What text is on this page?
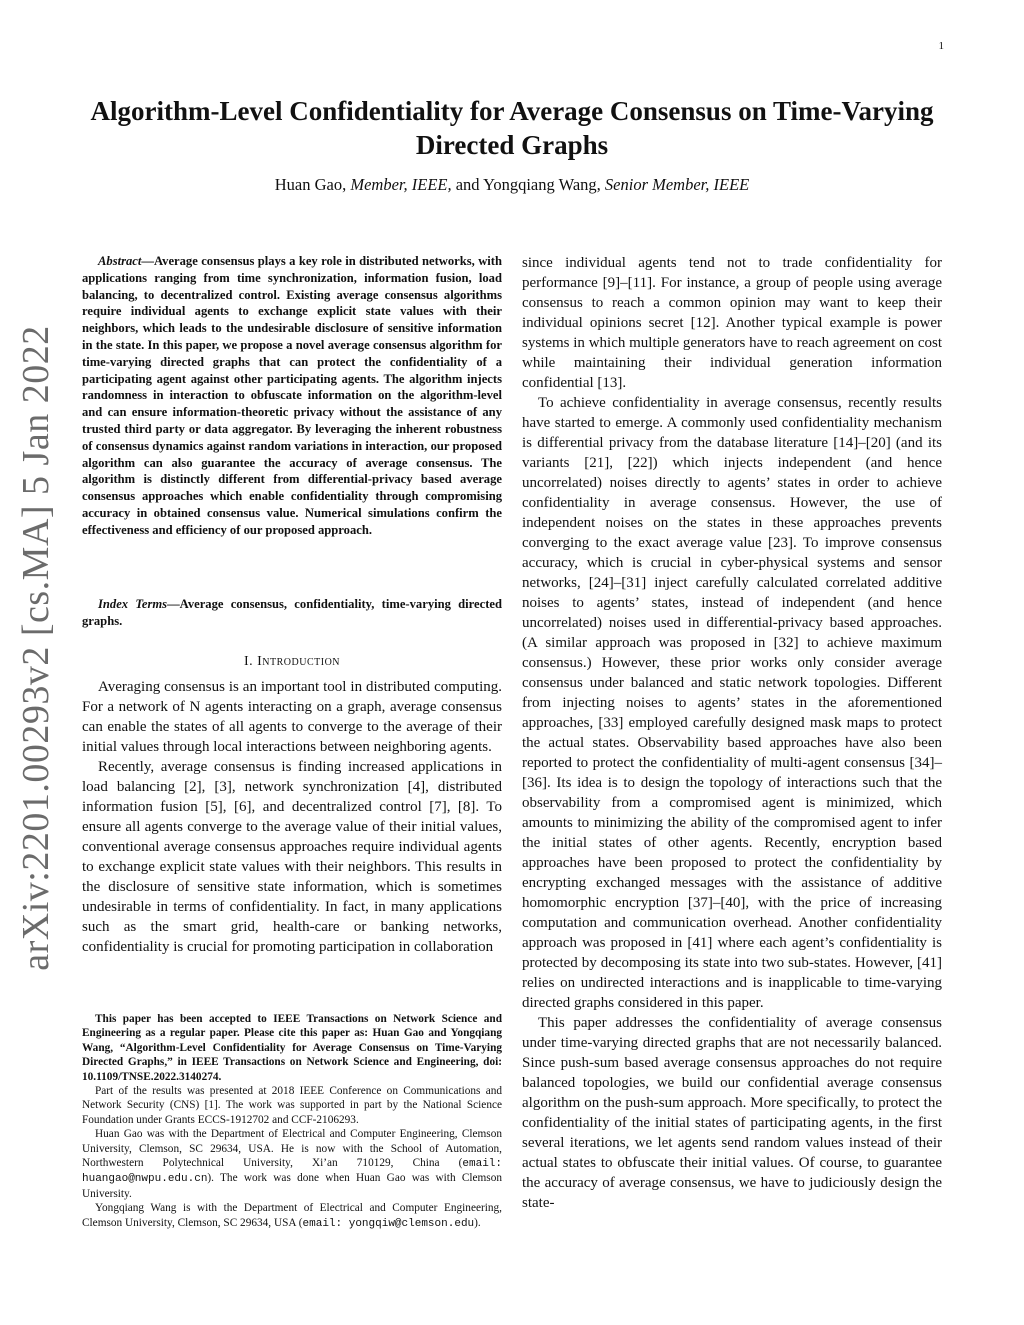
1
arXiv:2201.00293v2 [cs.MA] 5 Jan 2022
Algorithm-Level Confidentiality for Average Consensus on Time-Varying Directed Graphs
Huan Gao, Member, IEEE, and Yongqiang Wang, Senior Member, IEEE

Abstract—Average consensus plays a key role in distributed networks, with applications ranging from time synchronization, information fusion, load balancing, to decentralized control. Existing average consensus algorithms require individual agents to exchange explicit state values with their neighbors, which leads to the undesirable disclosure of sensitive information in the state. In this paper, we propose a novel average consensus algorithm for time-varying directed graphs that can protect the confidentiality of a participating agent against other participating agents. The algorithm injects randomness in interaction to obfuscate information on the algorithm-level and can ensure information-theoretic privacy without the assistance of any trusted third party or data aggregator. By leveraging the inherent robustness of consensus dynamics against random variations in interaction, our proposed algorithm can also guarantee the accuracy of average consensus. The algorithm is distinctly different from differential-privacy based average consensus approaches which enable confidentiality through compromising accuracy in obtained consensus value. Numerical simulations confirm the effectiveness and efficiency of our proposed approach.

Index Terms—Average consensus, confidentiality, time-varying directed graphs.

I. Introduction

Averaging consensus is an important tool in distributed computing. For a network of N agents interacting on a graph, average consensus can enable the states of all agents to converge to the average of their initial values through local interactions between neighboring agents.

Recently, average consensus is finding increased applications in load balancing [2], [3], network synchronization [4], distributed information fusion [5], [6], and decentralized control [7], [8]. To ensure all agents converge to the average value of their initial values, conventional average consensus approaches require individual agents to exchange explicit state values with their neighbors. This results in the disclosure of sensitive state information, which is sometimes undesirable in terms of confidentiality. In fact, in many applications such as the smart grid, health-care or banking networks, confidentiality is crucial for promoting participation in collaboration

This paper has been accepted to IEEE Transactions on Network Science and Engineering as a regular paper. Please cite this paper as: Huan Gao and Yongqiang Wang, “Algorithm-Level Confidentiality for Average Consensus on Time-Varying Directed Graphs,” in IEEE Transactions on Network Science and Engineering, doi: 10.1109/TNSE.2022.3140274.

Part of the results was presented at 2018 IEEE Conference on Communications and Network Security (CNS) [1]. The work was supported in part by the National Science Foundation under Grants ECCS-1912702 and CCF-2106293.

Huan Gao was with the Department of Electrical and Computer Engineering, Clemson University, Clemson, SC 29634, USA. He is now with the School of Automation, Northwestern Polytechnical University, Xi’an 710129, China (email: huangao@nwpu.edu.cn). The work was done when Huan Gao was with Clemson University.

Yongqiang Wang is with the Department of Electrical and Computer Engineering, Clemson University, Clemson, SC 29634, USA (email: yongqiw@clemson.edu).

since individual agents tend not to trade confidentiality for performance [9]–[11]. For instance, a group of people using average consensus to reach a common opinion may want to keep their individual opinions secret [12]. Another typical example is power systems in which multiple generators have to reach agreement on cost while maintaining their individual generation information confidential [13].

To achieve confidentiality in average consensus, recently results have started to emerge. A commonly used confidentiality mechanism is differential privacy from the database literature [14]–[20] (and its variants [21], [22]) which injects independent (and hence uncorrelated) noises directly to agents’ states in order to achieve confidentiality in average consensus. However, the use of independent noises on the states in these approaches prevents converging to the exact average value [23]. To improve consensus accuracy, which is crucial in cyber-physical systems and sensor networks, [24]–[31] inject carefully calculated correlated additive noises to agents’ states, instead of independent (and hence uncorrelated) noises used in differential-privacy based approaches. (A similar approach was proposed in [32] to achieve maximum consensus.) However, these prior works only consider average consensus under balanced and static network topologies. Different from injecting noises to agents’ states in the aforementioned approaches, [33] employed carefully designed mask maps to protect the actual states. Observability based approaches have also been reported to protect the confidentiality of multi-agent consensus [34]–[36]. Its idea is to design the topology of interactions such that the observability from a compromised agent is minimized, which amounts to minimizing the ability of the compromised agent to infer the initial states of other agents. Recently, encryption based approaches have been proposed to protect the confidentiality by encrypting exchanged messages with the assistance of additive homomorphic encryption [37]–[40], with the price of increasing computation and communication overhead. Another confidentiality approach was proposed in [41] where each agent’s confidentiality is protected by decomposing its state into two sub-states. However, [41] relies on undirected interactions and is inapplicable to time-varying directed graphs considered in this paper.

This paper addresses the confidentiality of average consensus under time-varying directed graphs that are not necessarily balanced. Since push-sum based average consensus approaches do not require balanced topologies, we build our confidential average consensus algorithm on the push-sum approach. More specifically, to protect the confidentiality of the initial states of participating agents, in the first several iterations, we let agents send random values instead of their actual states to obfuscate their initial values. Of course, to guarantee the accuracy of average consensus, we have to judiciously design the state-
